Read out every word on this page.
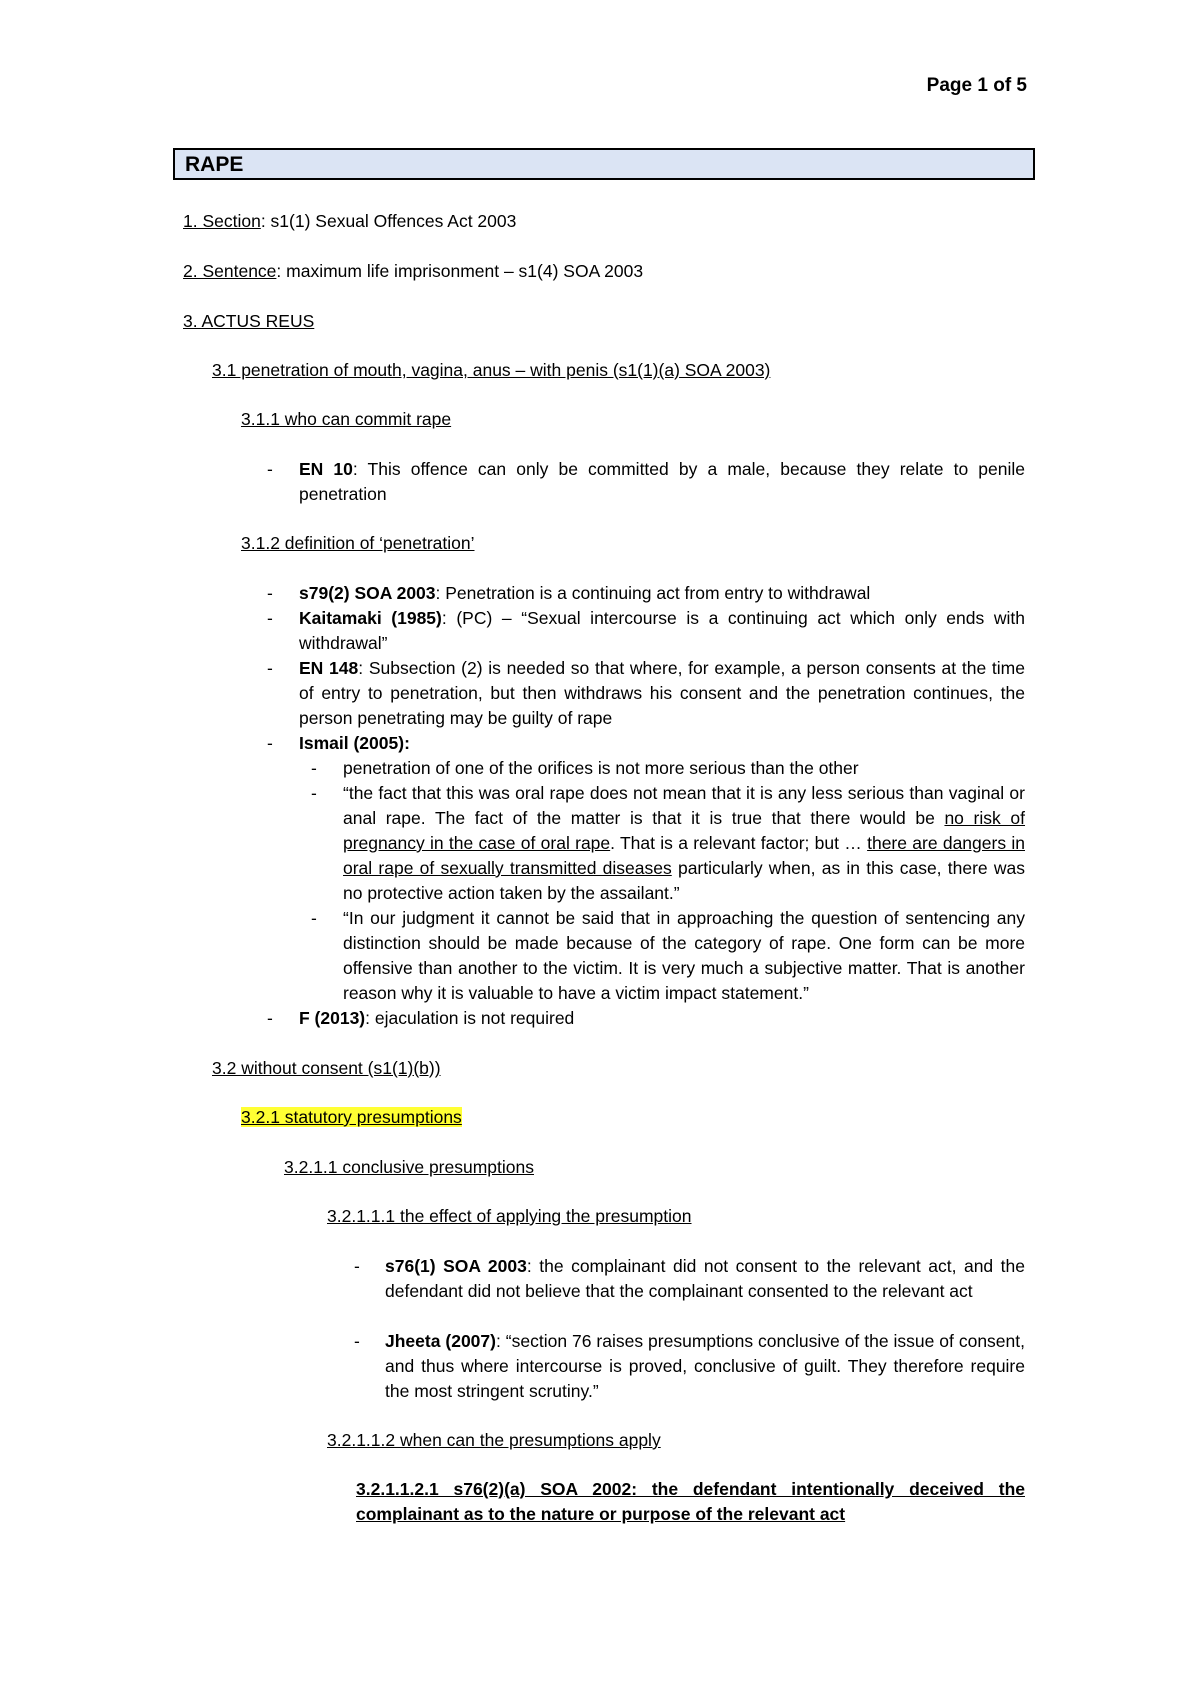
Page 1 of 5
RAPE
1. Section: s1(1) Sexual Offences Act 2003
2. Sentence: maximum life imprisonment – s1(4) SOA 2003
3. ACTUS REUS
3.1 penetration of mouth, vagina, anus – with penis (s1(1)(a) SOA 2003)
3.1.1 who can commit rape
- EN 10: This offence can only be committed by a male, because they relate to penile penetration
3.1.2 definition of ‘penetration’
- s79(2) SOA 2003: Penetration is a continuing act from entry to withdrawal
- Kaitamaki (1985): (PC) – “Sexual intercourse is a continuing act which only ends with withdrawal”
- EN 148: Subsection (2) is needed so that where, for example, a person consents at the time of entry to penetration, but then withdraws his consent and the penetration continues, the person penetrating may be guilty of rape
- Ismail (2005):
- penetration of one of the orifices is not more serious than the other
- “the fact that this was oral rape does not mean that it is any less serious than vaginal or anal rape. The fact of the matter is that it is true that there would be no risk of pregnancy in the case of oral rape. That is a relevant factor; but … there are dangers in oral rape of sexually transmitted diseases particularly when, as in this case, there was no protective action taken by the assailant.”
- “In our judgment it cannot be said that in approaching the question of sentencing any distinction should be made because of the category of rape. One form can be more offensive than another to the victim. It is very much a subjective matter. That is another reason why it is valuable to have a victim impact statement.”
- F (2013): ejaculation is not required
3.2 without consent (s1(1)(b))
3.2.1 statutory presumptions
3.2.1.1 conclusive presumptions
3.2.1.1.1 the effect of applying the presumption
- s76(1) SOA 2003: the complainant did not consent to the relevant act, and the defendant did not believe that the complainant consented to the relevant act
- Jheeta (2007): “section 76 raises presumptions conclusive of the issue of consent, and thus where intercourse is proved, conclusive of guilt. They therefore require the most stringent scrutiny.”
3.2.1.1.2 when can the presumptions apply
3.2.1.1.2.1 s76(2)(a) SOA 2002: the defendant intentionally deceived the complainant as to the nature or purpose of the relevant act
